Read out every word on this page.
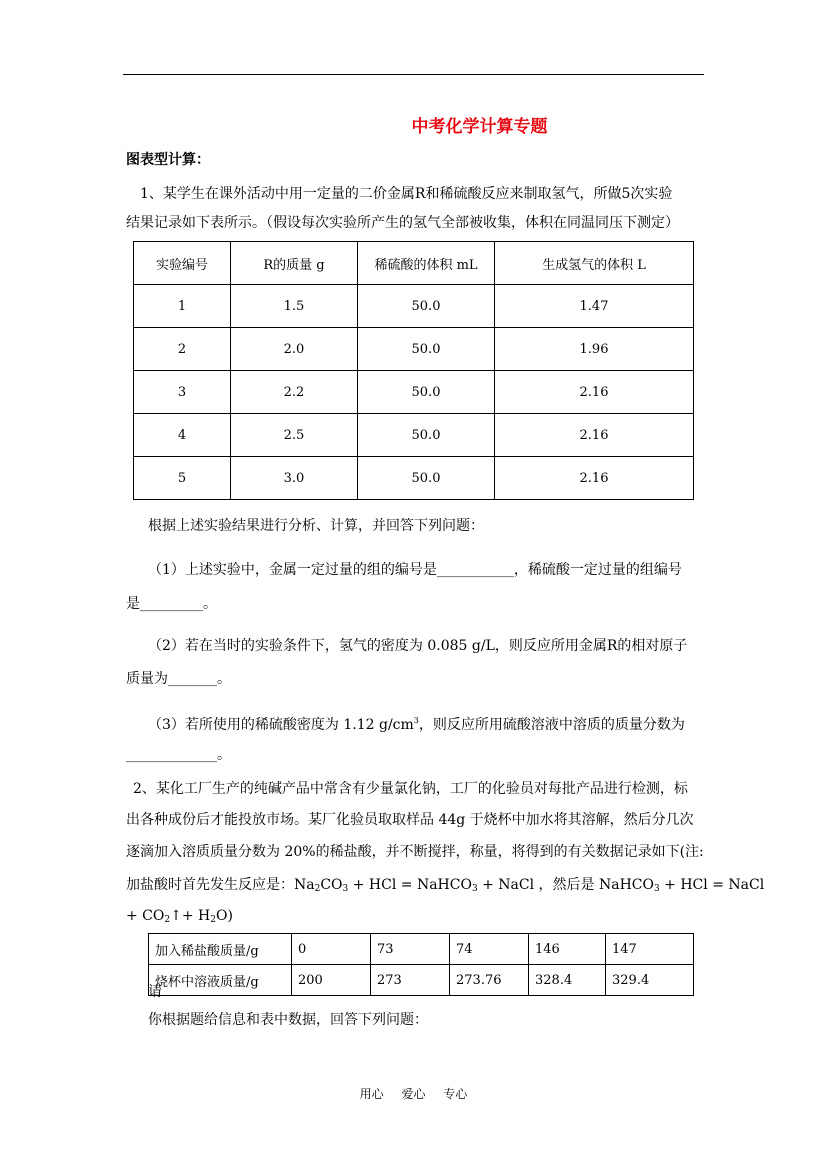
中考化学计算专题
图表型计算：
1、某学生在课外活动中用一定量的二价金属R和稀硫酸反应来制取氢气，所做5次实验
结果记录如下表所示。（假设每次实验所产生的氢气全部被收集，体积在同温同压下测定）
实验编号	R的质量 g	稀硫酸的体积 mL	生成氢气的体积 L
1	1.5	50.0	1.47
2	2.0	50.0	1.96
3	2.2	50.0	2.16
4	2.5	50.0	2.16
5	3.0	50.0	2.16
根据上述实验结果进行分析、计算，并回答下列问题：
（1）上述实验中，金属一定过量的组的编号是___________，稀硫酸一定过量的组编号
是_________。
（2）若在当时的实验条件下，氢气的密度为 0.085 g/L，则反应所用金属R的相对原子
质量为_______。
（3）若所使用的稀硫酸密度为 1.12 $g/cm^3$，则反应所用硫酸溶液中溶质的质量分数为
_____________。
2、某化工厂生产的纯碱产品中常含有少量氯化钠，工厂的化验员对每批产品进行检测，标
出各种成份后才能投放市场。某厂化验员取取样品 44g 于烧杯中加水将其溶解，然后分几次
逐滴加入溶质质量分数为 20%的稀盐酸，并不断搅拌，称量，将得到的有关数据记录如下(注:
加盐酸时首先发生反应是：$Na_2CO_3$ + HCl = NaHCO$_3$ + NaCl ，然后是 NaHCO$_3$ + HCl = NaCl
+ $CO_2↑+ H_2O$)
加入稀盐酸质量/g	0	73	74	146	147
烧杯中溶液质量/g	200	273	273.76	328.4	329.4
请
你根据题给信息和表中数据，回答下列问题：
用心 爱心 专心
